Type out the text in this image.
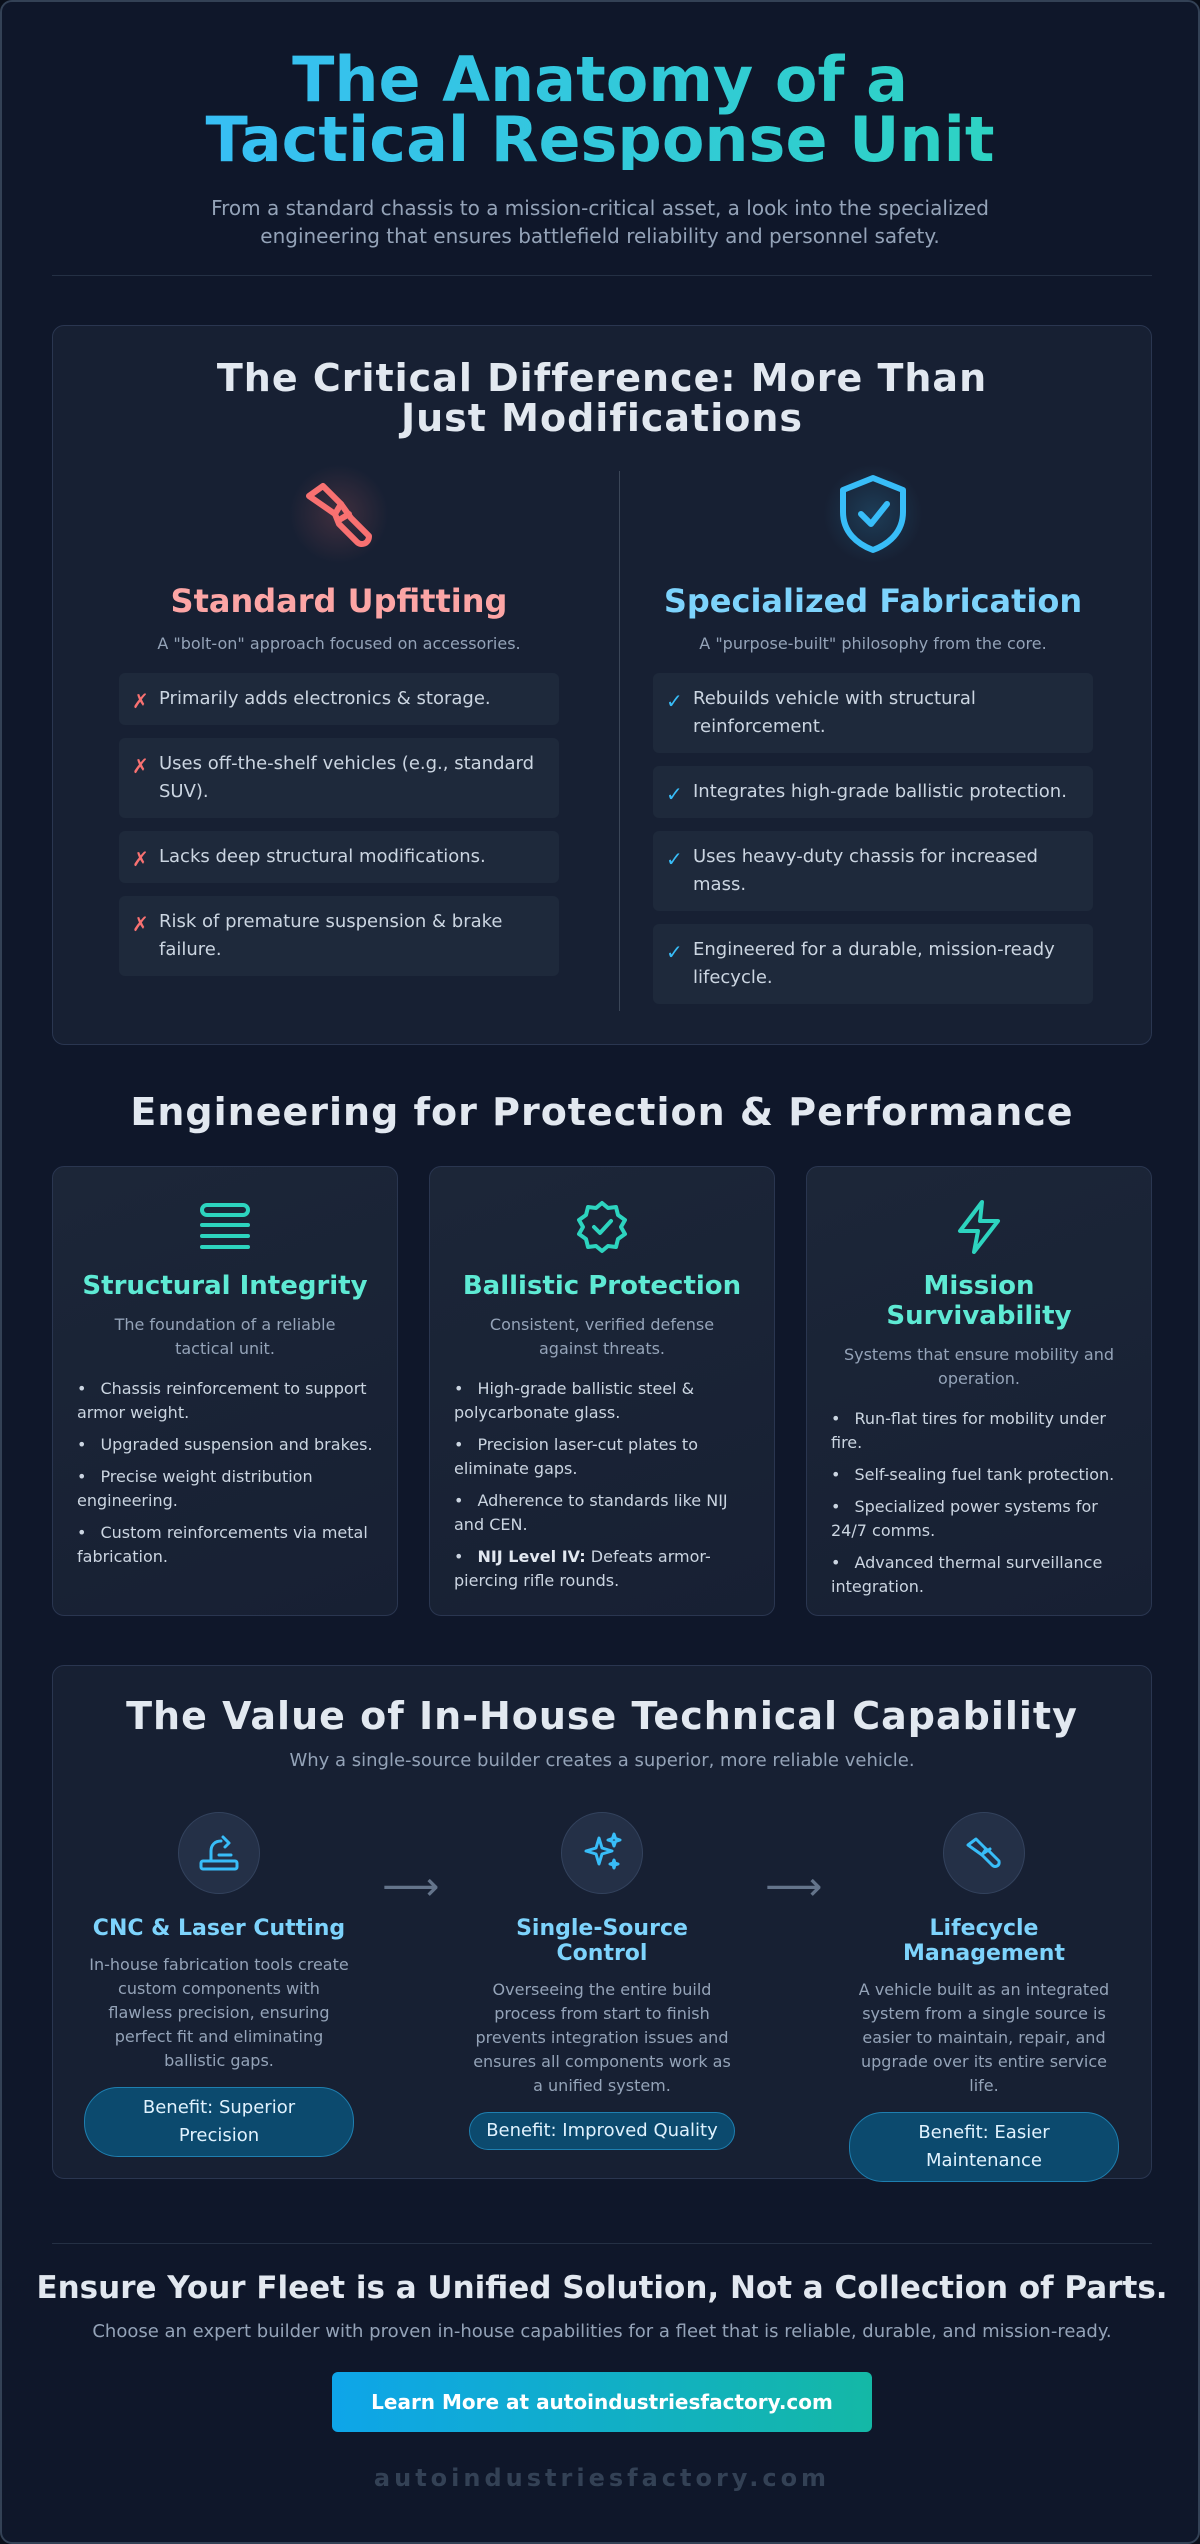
The Anatomy of a Tactical Response Unit

From a standard chassis to a mission-critical asset, a look into the specialized engineering that ensures battlefield reliability and personnel safety.

The Critical Difference: More Than Just Modifications
Standard Upfitting
A "bolt-on" approach focused on accessories.
✗ Primarily adds electronics & storage.
✗ Uses off-the-shelf vehicles (e.g., standard SUV).
✗ Lacks deep structural modifications.
✗ Risk of premature suspension & brake failure.
Specialized Fabrication
A "purpose-built" philosophy from the core.
✓ Rebuilds vehicle with structural reinforcement.
✓ Integrates high-grade ballistic protection.
✓ Uses heavy-duty chassis for increased mass.
✓ Engineered for a durable, mission-ready lifecycle.
Engineering for Protection & Performance
Structural Integrity
The foundation of a reliable tactical unit.
• Chassis reinforcement to support armor weight.
• Upgraded suspension and brakes.
• Precise weight distribution engineering.
• Custom reinforcements via metal fabrication.
Ballistic Protection
Consistent, verified defense against threats.
• High-grade ballistic steel & polycarbonate glass.
• Precision laser-cut plates to eliminate gaps.
• Adherence to standards like NIJ and CEN.
• NIJ Level IV: Defeats armor-piercing rifle rounds.
Mission Survivability
Systems that ensure mobility and operation.
• Run-flat tires for mobility under fire.
• Self-sealing fuel tank protection.
• Specialized power systems for 24/7 comms.
• Advanced thermal surveillance integration.
The Value of In-House Technical Capability
Why a single-source builder creates a superior, more reliable vehicle.
CNC & Laser Cutting

In-house fabrication tools create custom components with flawless precision, ensuring perfect fit and eliminating ballistic gaps.

Benefit: Superior Precision
⟶
Single-Source Control

Overseeing the entire build process from start to finish prevents integration issues and ensures all components work as a unified system.

Benefit: Improved Quality
⟶
Lifecycle Management

A vehicle built as an integrated system from a single source is easier to maintain, repair, and upgrade over its entire service life.

Benefit: Easier Maintenance
Ensure Your Fleet is a Unified Solution, Not a Collection of Parts.
Choose an expert builder with proven in-house capabilities for a fleet that is reliable, durable, and mission-ready.
Learn More at autoindustriesfactory.com
autoindustriesfactory.com
